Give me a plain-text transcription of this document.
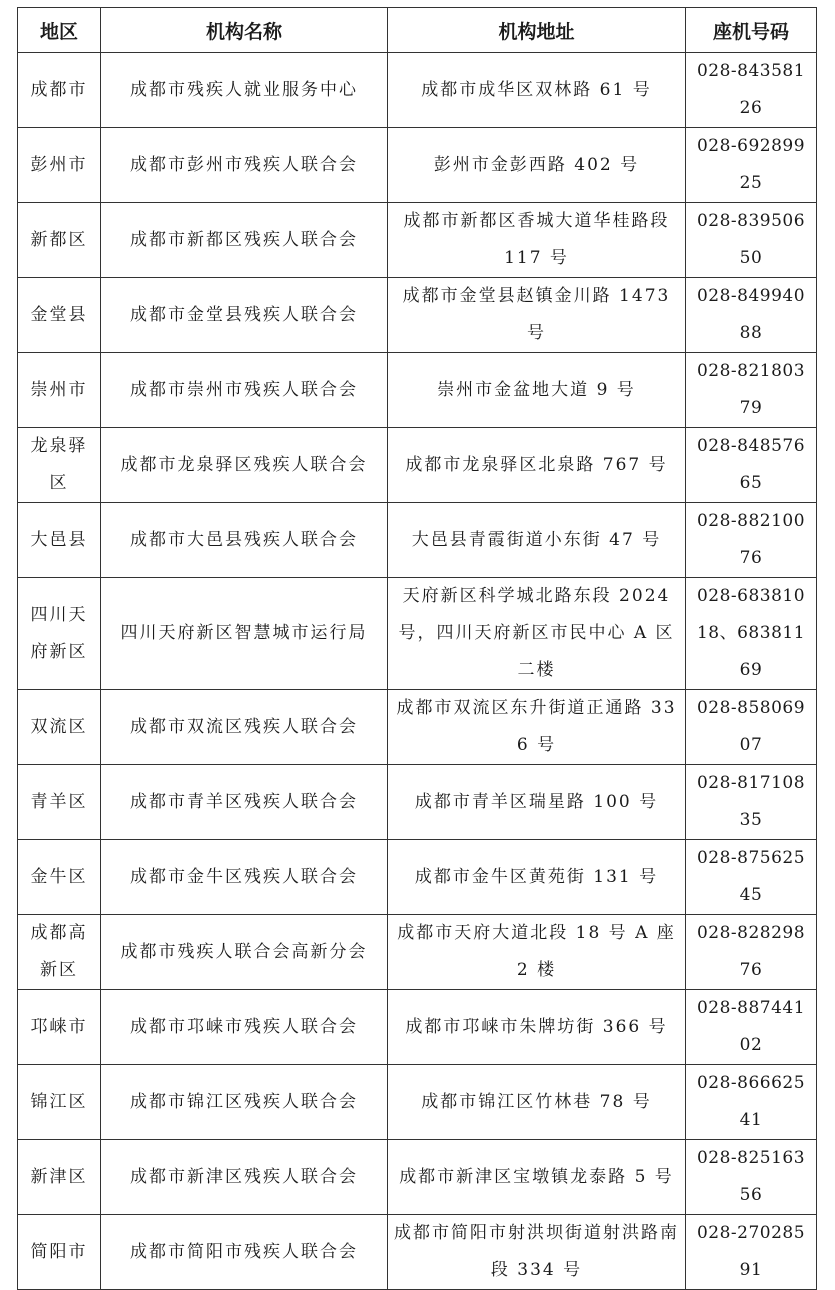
地区	机构名称	机构地址	座机号码
成都市	成都市残疾人就业服务中心	成都市成华区双林路 61 号	028-84358126
彭州市	成都市彭州市残疾人联合会	彭州市金彭西路 402 号	028-69289925
新都区	成都市新都区残疾人联合会	成都市新都区香城大道华桂路段 117 号	028-83950650
金堂县	成都市金堂县残疾人联合会	成都市金堂县赵镇金川路 1473 号	028-84994088
崇州市	成都市崇州市残疾人联合会	崇州市金盆地大道 9 号	028-82180379
龙泉驿区	成都市龙泉驿区残疾人联合会	成都市龙泉驿区北泉路 767 号	028-84857665
大邑县	成都市大邑县残疾人联合会	大邑县青霞街道小东街 47 号	028-88210076
四川天府新区	四川天府新区智慧城市运行局	天府新区科学城北路东段 2024 号，四川天府新区市民中心 A 区二楼	028-68381018、68381169
双流区	成都市双流区残疾人联合会	成都市双流区东升街道正通路 336 号	028-85806907
青羊区	成都市青羊区残疾人联合会	成都市青羊区瑞星路 100 号	028-81710835
金牛区	成都市金牛区残疾人联合会	成都市金牛区黄苑街 131 号	028-87562545
成都高新区	成都市残疾人联合会高新分会	成都市天府大道北段 18 号 A 座 2 楼	028-82829876
邛崃市	成都市邛崃市残疾人联合会	成都市邛崃市朱牌坊街 366 号	028-88744102
锦江区	成都市锦江区残疾人联合会	成都市锦江区竹林巷 78 号	028-86662541
新津区	成都市新津区残疾人联合会	成都市新津区宝墩镇龙泰路 5 号	028-82516356
简阳市	成都市简阳市残疾人联合会	成都市简阳市射洪坝街道射洪路南段 334 号	028-27028591
